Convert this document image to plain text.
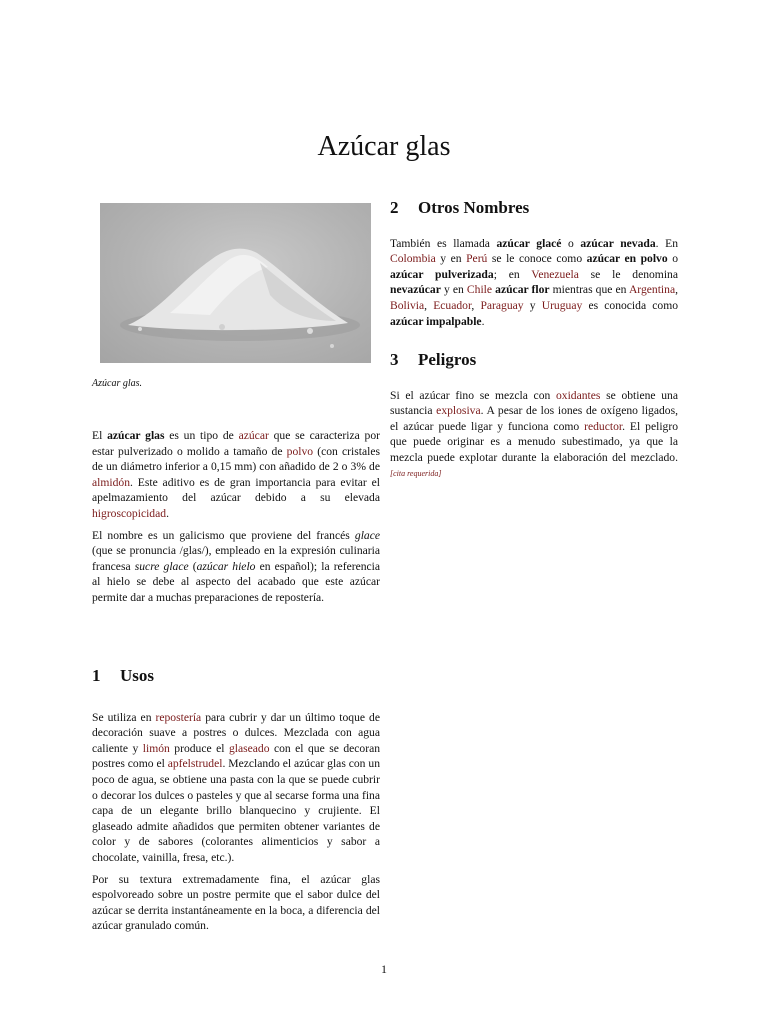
Azúcar glas
Azúcar glas.

El azúcar glas es un tipo de azúcar que se caracteriza por estar pulverizado o molido a tamaño de polvo (con cristales de un diámetro inferior a 0,15 mm) con añadido de 2 o 3% de almidón. Este aditivo es de gran importancia para evitar el apelmazamiento del azúcar debido a su elevada higroscopicidad.

El nombre es un galicismo que proviene del francés glace (que se pronuncia /glas/), empleado en la expresión culinaria francesa sucre glace (azúcar hielo en español); la referencia al hielo se debe al aspecto del acabado que este azúcar permite dar a muchas preparaciones de repostería.

1 Usos

Se utiliza en repostería para cubrir y dar un último toque de decoración suave a postres o dulces. Mezclada con agua caliente y limón produce el glaseado con el que se decoran postres como el apfelstrudel. Mezclando el azúcar glas con un poco de agua, se obtiene una pasta con la que se puede cubrir o decorar los dulces o pasteles y que al secarse forma una fina capa de un elegante brillo blanquecino y crujiente. El glaseado admite añadidos que permiten obtener variantes de color y de sabores (colorantes alimenticios y sabor a chocolate, vainilla, fresa, etc.).

Por su textura extremadamente fina, el azúcar glas espolvoreado sobre un postre permite que el sabor dulce del azúcar se derrita instantáneamente en la boca, a diferencia del azúcar granulado común.

2 Otros Nombres

También es llamada azúcar glacé o azúcar nevada. En Colombia y en Perú se le conoce como azúcar en polvo o azúcar pulverizada; en Venezuela se le denomina nevazúcar y en Chile azúcar flor mientras que en Argentina, Bolivia, Ecuador, Paraguay y Uruguay es conocida como azúcar impalpable.

3 Peligros

Si el azúcar fino se mezcla con oxidantes se obtiene una sustancia explosiva. A pesar de los iones de oxígeno ligados, el azúcar puede ligar y funciona como reductor. El peligro que puede originar es a menudo subestimado, ya que la mezcla puede explotar durante la elaboración del mezclado.[cita requerida]

1
